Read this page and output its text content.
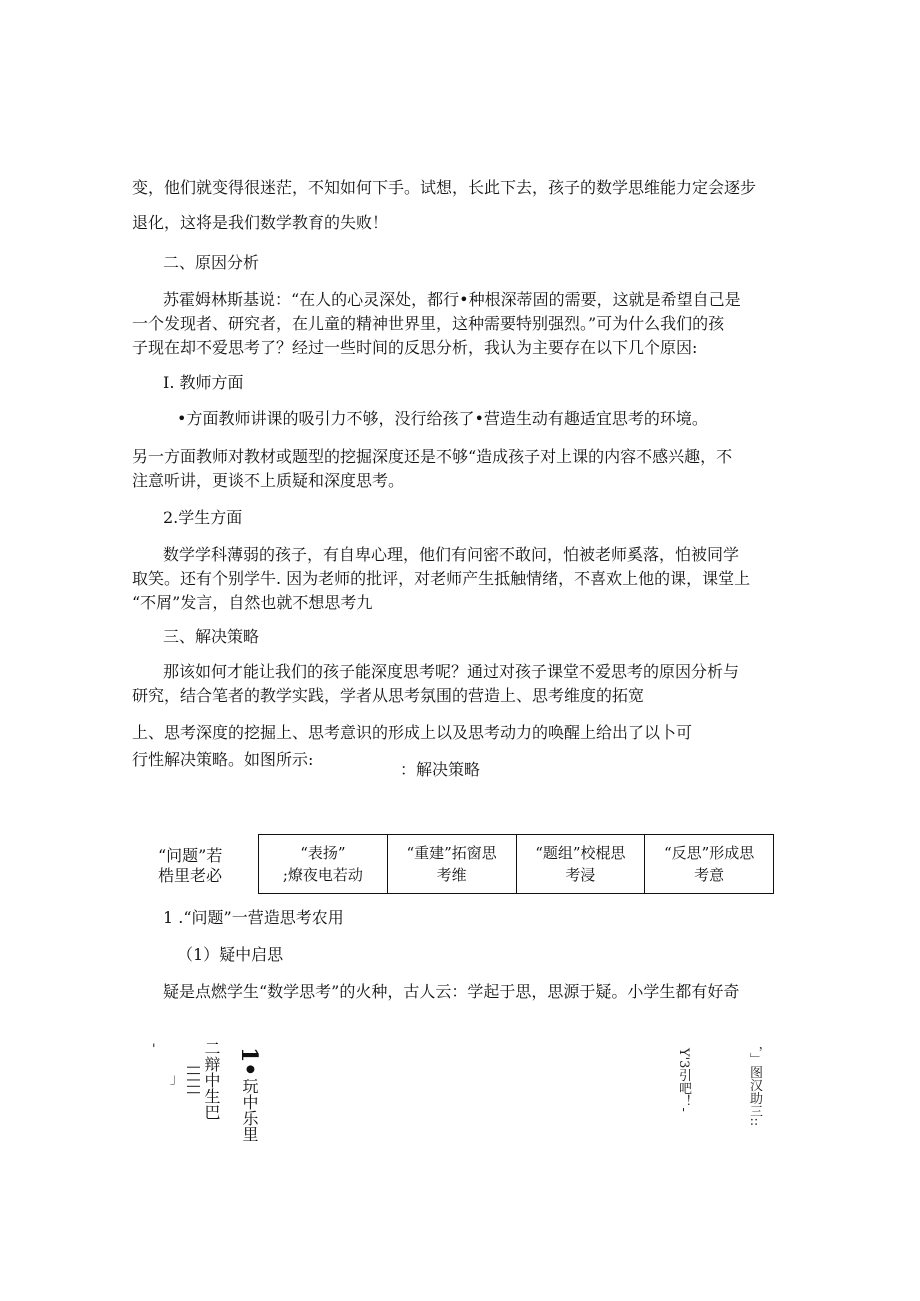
变，他们就变得很迷茫，不知如何下手。试想，长此下去，孩子的数学思维能力定会逐步
退化，这将是我们数学教育的失败！
二、原因分析
苏霍姆林斯基说：“在人的心灵深处，都行•种根深蒂固的需要，这就是希望自己是
一个发现者、研究者，在儿童的精神世界里，这种需要特别强烈。”可为什么我们的孩
子现在却不爱思考了？经过一些时间的反思分析，我认为主要存在以下几个原因:
I. 教师方面
•方面教师讲课的吸引力不够，没行给孩了•营造生动有趣适宜思考的环境。
另一方面教师对教材或题型的挖掘深度还是不够“造成孩子对上课的内容不感兴趣，不
注意听讲，更谈不上质疑和深度思考。
2.学生方面
数学学科薄弱的孩子，有自卑心理，他们有问密不敢问，怕被老师奚落，怕被同学
取笑。还有个别学牛. 因为老师的批评，对老师产生抵触情绪，不喜欢上他的课，课堂上
“不屑”发言，自然也就不想思考九
三、解决策略
那该如何才能让我们的孩子能深度思考呢？通过对孩子课堂不爱思考的原因分析与
研究，结合笔者的教学实践，学者从思考氛围的营造上、思考维度的拓宽
上、思考深度的挖掘上、思考意识的形成上以及思考动力的唤醒上给出了以卜可
行性解决策略。如图所示:
：解决策略
“问题”若
梏里老必
“表扬”
;燎夜电若动
“重建”拓窗思
考维
“题组”校棍思
考浸
“反思”形成思
考意
1 .“问题”一营造思考农用
（1）疑中启思
疑是点燃学生“数学思考”的火种，古人云：学起于思，思源于疑。小学生都有好奇
'
」 二辩中生巴
|||||
1•
玩中乐里	Y'3引吧！-	，」图汉助三::
